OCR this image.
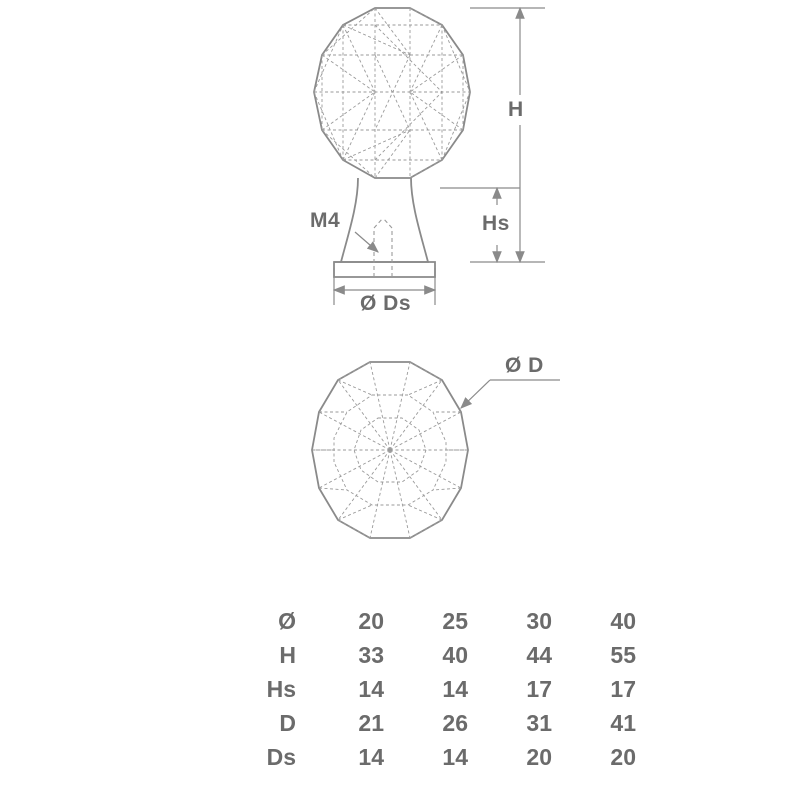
H
Hs
M4
Ø Ds
Ø D
Ø	20	25	30	40
H	33	40	44	55
Hs	14	14	17	17
D	21	26	31	41
Ds	14	14	20	20
